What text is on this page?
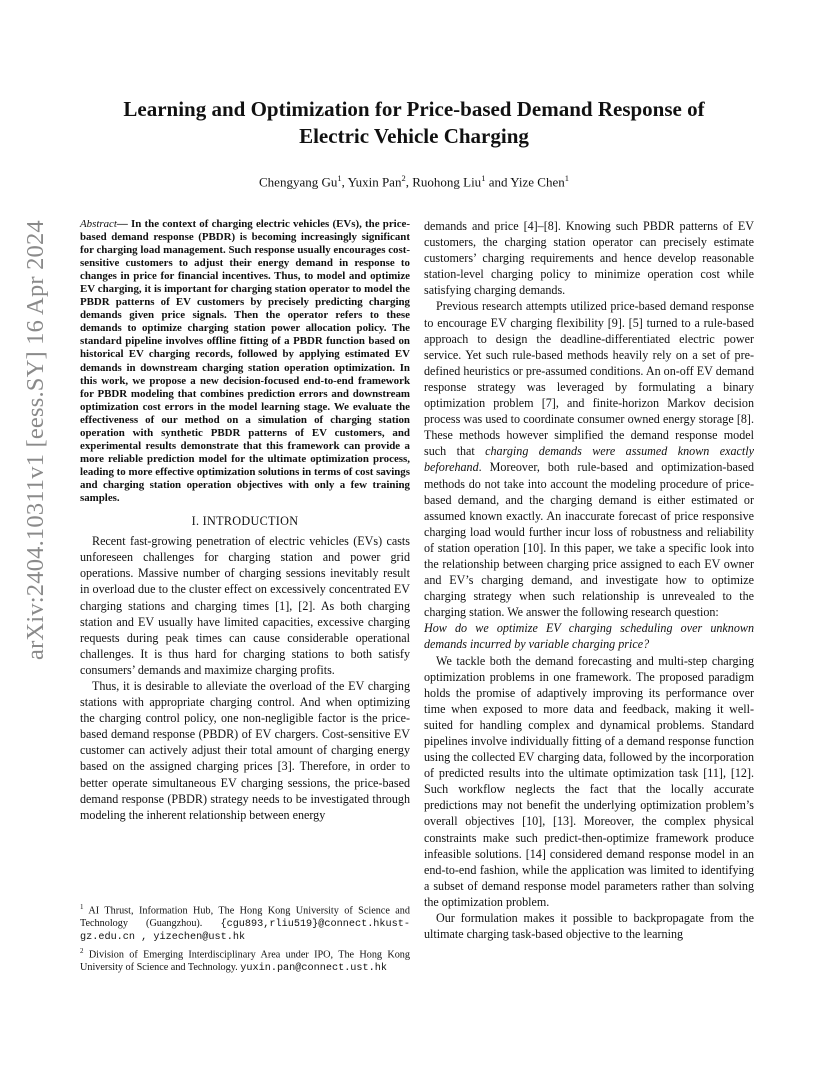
arXiv:2404.10311v1 [eess.SY] 16 Apr 2024
Learning and Optimization for Price-based Demand Response of
Electric Vehicle Charging
Chengyang Gu$^1$, Yuxin Pan$^2$, Ruohong Liu$^1$ and Yize Chen$^1$
Abstract— In the context of charging electric vehicles (EVs), the price-based demand response (PBDR) is becoming increasingly significant for charging load management. Such response usually encourages cost-sensitive customers to adjust their energy demand in response to changes in price for financial incentives. Thus, to model and optimize EV charging, it is important for charging station operator to model the PBDR patterns of EV customers by precisely predicting charging demands given price signals. Then the operator refers to these demands to optimize charging station power allocation policy. The standard pipeline involves offline fitting of a PBDR function based on historical EV charging records, followed by applying estimated EV demands in downstream charging station operation optimization. In this work, we propose a new decision-focused end-to-end framework for PBDR modeling that combines prediction errors and downstream optimization cost errors in the model learning stage. We evaluate the effectiveness of our method on a simulation of charging station operation with synthetic PBDR patterns of EV customers, and experimental results demonstrate that this framework can provide a more reliable prediction model for the ultimate optimization process, leading to more effective optimization solutions in terms of cost savings and charging station operation objectives with only a few training samples.
I. INTRODUCTION

Recent fast-growing penetration of electric vehicles (EVs) casts unforeseen challenges for charging station and power grid operations. Massive number of charging sessions inevitably result in overload due to the cluster effect on excessively concentrated EV charging stations and charging times [1], [2]. As both charging station and EV usually have limited capacities, excessive charging requests during peak times can cause considerable operational challenges. It is thus hard for charging stations to both satisfy consumers’ demands and maximize charging profits.

Thus, it is desirable to alleviate the overload of the EV charging stations with appropriate charging control. And when optimizing the charging control policy, one non-negligible factor is the price-based demand response (PBDR) of EV chargers. Cost-sensitive EV customer can actively adjust their total amount of charging energy based on the assigned charging prices [3]. Therefore, in order to better operate simultaneous EV charging sessions, the price-based demand response (PBDR) strategy needs to be investigated through modeling the inherent relationship between energy

$^1$ AI Thrust, Information Hub, The Hong Kong University of Science and Technology (Guangzhou). {cgu893,rliu519}@connect.hkust-gz.edu.cn , yizechen@ust.hk
$^2$ Division of Emerging Interdisciplinary Area under IPO, The Hong Kong University of Science and Technology. yuxin.pan@connect.ust.hk

demands and price [4]–[8]. Knowing such PBDR patterns of EV customers, the charging station operator can precisely estimate customers’ charging requirements and hence develop reasonable station-level charging policy to minimize operation cost while satisfying charging demands.

Previous research attempts utilized price-based demand response to encourage EV charging flexibility [9]. [5] turned to a rule-based approach to design the deadline-differentiated electric power service. Yet such rule-based methods heavily rely on a set of pre-defined heuristics or pre-assumed conditions. An on-off EV demand response strategy was leveraged by formulating a binary optimization problem [7], and finite-horizon Markov decision process was used to coordinate consumer owned energy storage [8]. These methods however simplified the demand response model such that charging demands were assumed known exactly beforehand. Moreover, both rule-based and optimization-based methods do not take into account the modeling procedure of price-based demand, and the charging demand is either estimated or assumed known exactly. An inaccurate forecast of price responsive charging load would further incur loss of robustness and reliability of station operation [10]. In this paper, we take a specific look into the relationship between charging price assigned to each EV owner and EV’s charging demand, and investigate how to optimize charging strategy when such relationship is unrevealed to the charging station. We answer the following research question:

How do we optimize EV charging scheduling over unknown demands incurred by variable charging price?

We tackle both the demand forecasting and multi-step charging optimization problems in one framework. The proposed paradigm holds the promise of adaptively improving its performance over time when exposed to more data and feedback, making it well-suited for handling complex and dynamical problems. Standard pipelines involve individually fitting of a demand response function using the collected EV charging data, followed by the incorporation of predicted results into the ultimate optimization task [11], [12]. Such workflow neglects the fact that the locally accurate predictions may not benefit the underlying optimization problem’s overall objectives [10], [13]. Moreover, the complex physical constraints make such predict-then-optimize framework produce infeasible solutions. [14] considered demand response model in an end-to-end fashion, while the application was limited to identifying a subset of demand response model parameters rather than solving the optimization problem.

Our formulation makes it possible to backpropagate from the ultimate charging task-based objective to the learning
